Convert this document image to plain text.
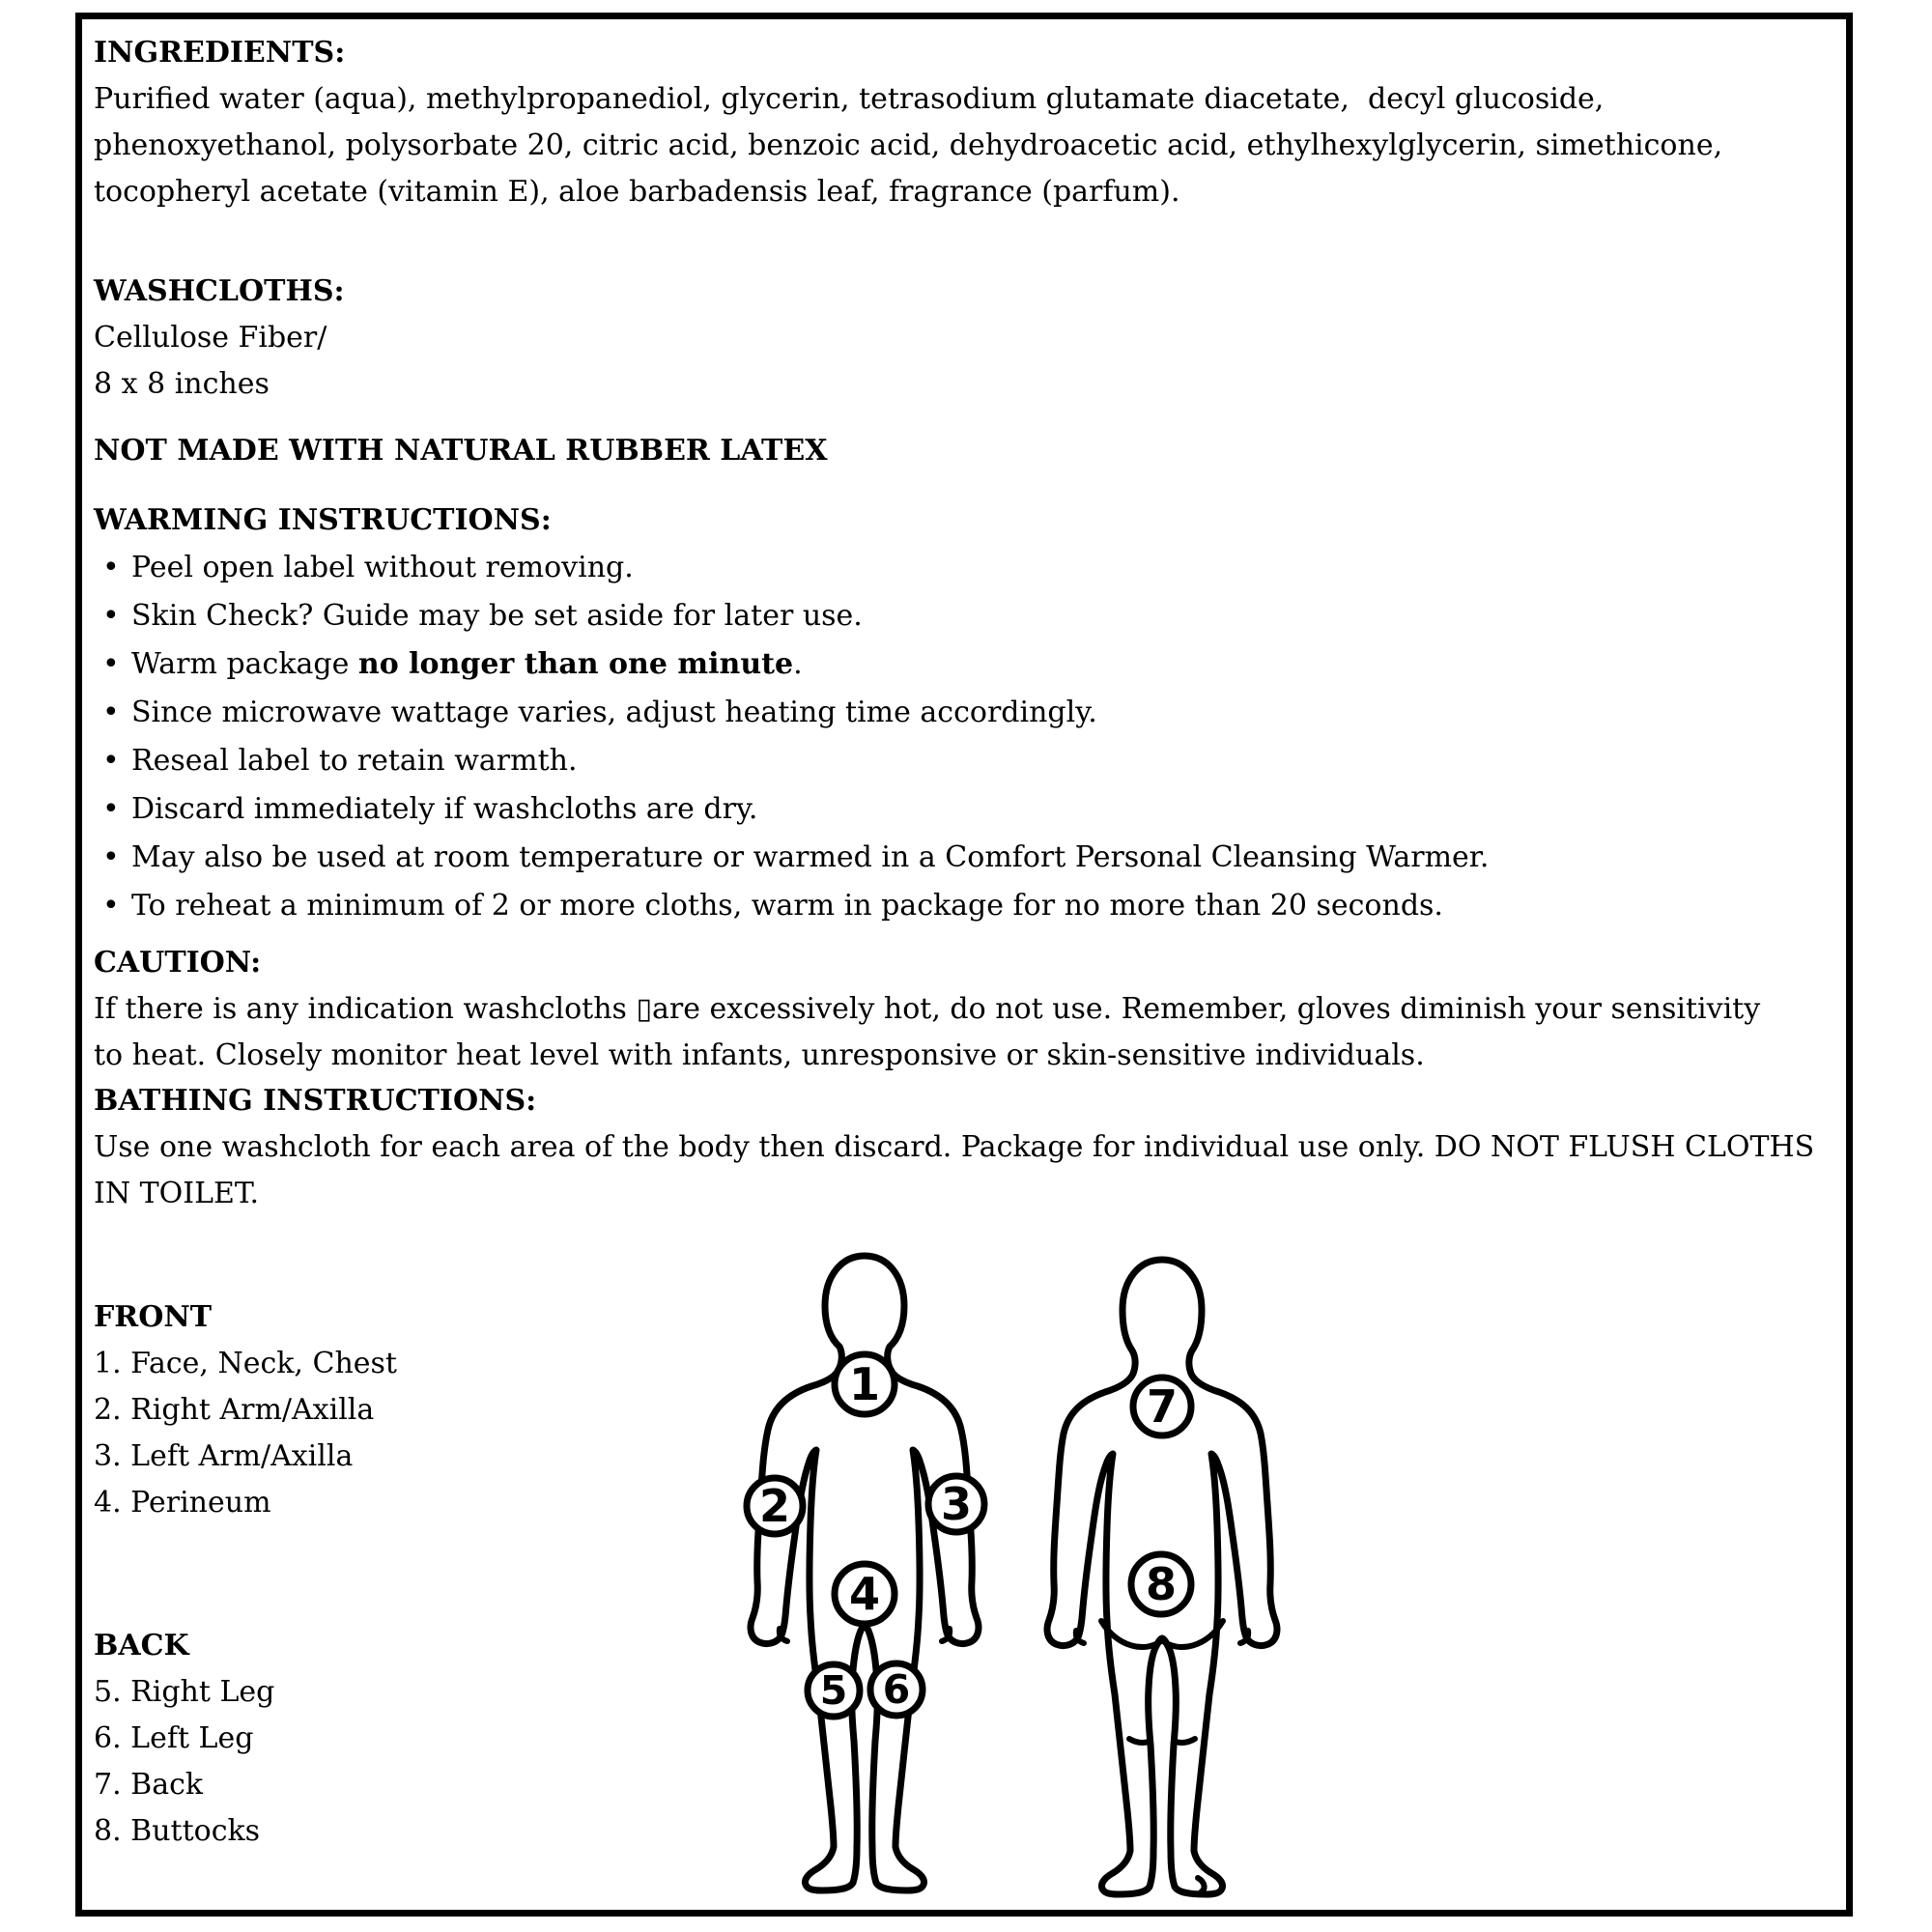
INGREDIENTS:
Purified water (aqua), methylpropanediol, glycerin, tetrasodium glutamate diacetate,  decyl glucoside,
phenoxyethanol, polysorbate 20, citric acid, benzoic acid, dehydroacetic acid, ethylhexylglycerin, simethicone,
tocopheryl acetate (vitamin E), aloe barbadensis leaf, fragrance (parfum).
WASHCLOTHS:
Cellulose Fiber/
8 x 8 inches
NOT MADE WITH NATURAL RUBBER LATEX
WARMING INSTRUCTIONS:
• Peel open label without removing.
• Skin Check? Guide may be set aside for later use.
• Warm package no longer than one minute.
• Since microwave wattage varies, adjust heating time accordingly.
• Reseal label to retain warmth.
• Discard immediately if washcloths are dry.
• May also be used at room temperature or warmed in a Comfort Personal Cleansing Warmer.
• To reheat a minimum of 2 or more cloths, warm in package for no more than 20 seconds.
CAUTION:
If there is any indication washcloths ▯are excessively hot, do not use. Remember, gloves diminish your sensitivity
to heat. Closely monitor heat level with infants, unresponsive or skin-sensitive individuals.
BATHING INSTRUCTIONS:
Use one washcloth for each area of the body then discard. Package for individual use only. DO NOT FLUSH CLOTHS
IN TOILET.
FRONT
1. Face, Neck, Chest
2. Right Arm/Axilla
3. Left Arm/Axilla
4. Perineum
BACK
5. Right Leg
6. Left Leg
7. Back
8. Buttocks
1
2	3
4
5 6
7
8
